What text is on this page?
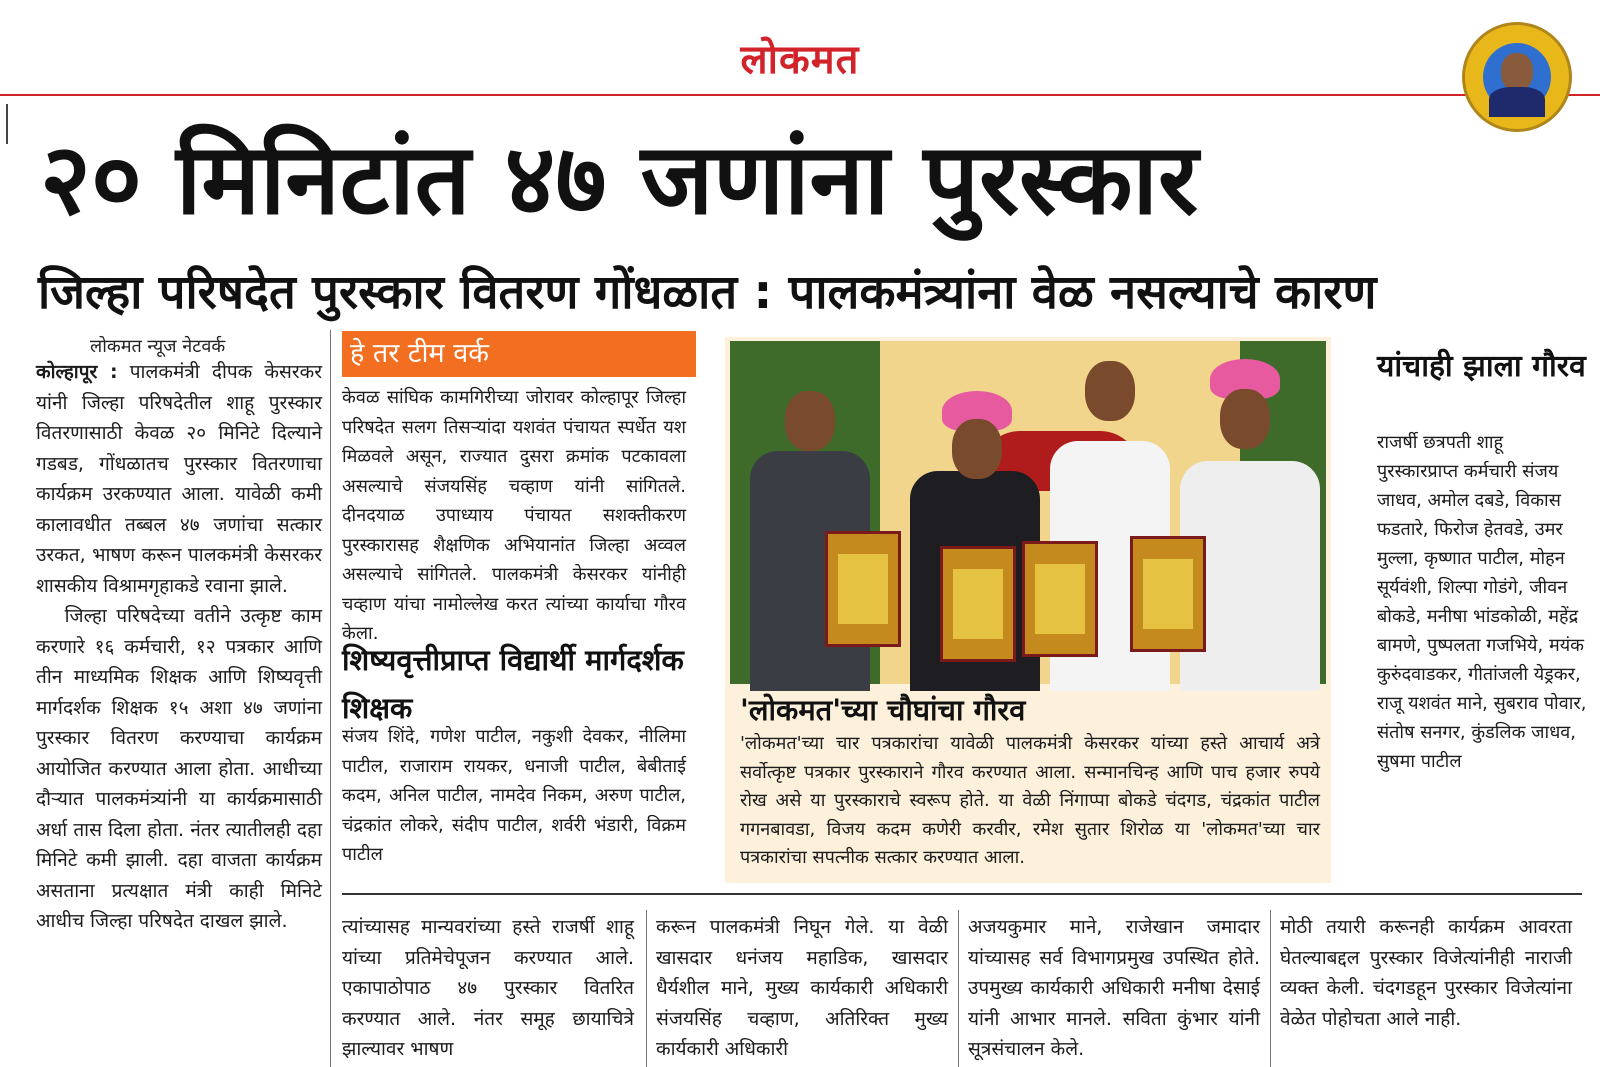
लोकमत
२० मिनिटांत ४७ जणांना पुरस्कार
जिल्हा परिषदेत पुरस्कार वितरण गोंधळात : पालकमंत्र्यांना वेळ नसल्याचे कारण
लोकमत न्यूज नेटवर्क
कोल्हापूर : पालकमंत्री दीपक केसरकर यांनी जिल्हा परिषदेतील शाहू पुरस्कार वितरणासाठी केवळ २० मिनिटे दिल्याने गडबड, गोंधळातच पुरस्कार वितरणाचा कार्यक्रम उरकण्यात आला. यावेळी कमी कालावधीत तब्बल ४७ जणांचा सत्कार उरकत, भाषण करून पालकमंत्री केसरकर शासकीय विश्रामगृहाकडे रवाना झाले.
जिल्हा परिषदेच्या वतीने उत्कृष्ट काम करणारे १६ कर्मचारी, १२ पत्रकार आणि तीन माध्यमिक शिक्षक आणि शिष्यवृत्ती मार्गदर्शक शिक्षक १५ अशा ४७ जणांना पुरस्कार वितरण करण्याचा कार्यक्रम आयोजित करण्यात आला होता. आधीच्या दौऱ्यात पालकमंत्र्यांनी या कार्यक्रमासाठी अर्धा तास दिला होता. नंतर त्यातीलही दहा मिनिटे कमी झाली. दहा वाजता कार्यक्रम असताना प्रत्यक्षात मंत्री काही मिनिटे आधीच जिल्हा परिषदेत दाखल झाले.
हे तर टीम वर्क
केवळ सांघिक कामगिरीच्या जोरावर कोल्हापूर जिल्हा परिषदेत सलग तिसऱ्यांदा यशवंत पंचायत स्पर्धेत यश मिळवले असून, राज्यात दुसरा क्रमांक पटकावला असल्याचे संजयसिंह चव्हाण यांनी सांगितले. दीनदयाळ उपाध्याय पंचायत सशक्तीकरण पुरस्कारासह शैक्षणिक अभियानांत जिल्हा अव्वल असल्याचे सांगितले. पालकमंत्री केसरकर यांनीही चव्हाण यांचा नामोल्लेख करत त्यांच्या कार्याचा गौरव केला.
शिष्यवृत्तीप्राप्त विद्यार्थी मार्गदर्शक शिक्षक
संजय शिंदे, गणेश पाटील, नकुशी देवकर, नीलिमा पाटील, राजाराम रायकर, धनाजी पाटील, बेबीताई कदम, अनिल पाटील, नामदेव निकम, अरुण पाटील, चंद्रकांत लोकरे, संदीप पाटील, शर्वरी भंडारी, विक्रम पाटील
'लोकमत'च्या चौघांचा गौरव
'लोकमत'च्या चार पत्रकारांचा यावेळी पालकमंत्री केसरकर यांच्या हस्ते आचार्य अत्रे सर्वोत्कृष्ट पत्रकार पुरस्काराने गौरव करण्यात आला. सन्मानचिन्ह आणि पाच हजार रुपये रोख असे या पुरस्काराचे स्वरूप होते. या वेळी निंगाप्पा बोकडे चंदगड, चंद्रकांत पाटील गगनबावडा, विजय कदम कणेरी करवीर, रमेश सुतार शिरोळ या 'लोकमत'च्या चार पत्रकारांचा सपत्नीक सत्कार करण्यात आला.
यांचाही झाला गौरव
राजर्षी छत्रपती शाहू पुरस्कारप्राप्त कर्मचारी संजय जाधव, अमोल दबडे, विकास फडतारे, फिरोज हेतवडे, उमर मुल्ला, कृष्णात पाटील, मोहन सूर्यवंशी, शिल्पा गोडंगे, जीवन बोकडे, मनीषा भांडकोळी, महेंद्र बामणे, पुष्पलता गजभिये, मयंक कुरुंदवाडकर, गीतांजली येड्रकर, राजू यशवंत माने, सुबराव पोवार, संतोष सनगर, कुंडलिक जाधव, सुषमा पाटील
त्यांच्यासह मान्यवरांच्या हस्ते राजर्षी शाहू यांच्या प्रतिमेचेपूजन करण्यात आले. एकापाठोपाठ ४७ पुरस्कार वितरित करण्यात आले. नंतर समूह छायाचित्रे झाल्यावर भाषण
करून पालकमंत्री निघून गेले. या वेळी खासदार धनंजय महाडिक, खासदार धैर्यशील माने, मुख्य कार्यकारी अधिकारी संजयसिंह चव्हाण, अतिरिक्त मुख्य कार्यकारी अधिकारी
अजयकुमार माने, राजेखान जमादार यांच्यासह सर्व विभागप्रमुख उपस्थित होते. उपमुख्य कार्यकारी अधिकारी मनीषा देसाई यांनी आभार मानले. सविता कुंभार यांनी सूत्रसंचालन केले.
मोठी तयारी करूनही कार्यक्रम आवरता घेतल्याबद्दल पुरस्कार विजेत्यांनीही नाराजी व्यक्त केली. चंदगडहून पुरस्कार विजेत्यांना वेळेत पोहोचता आले नाही.
